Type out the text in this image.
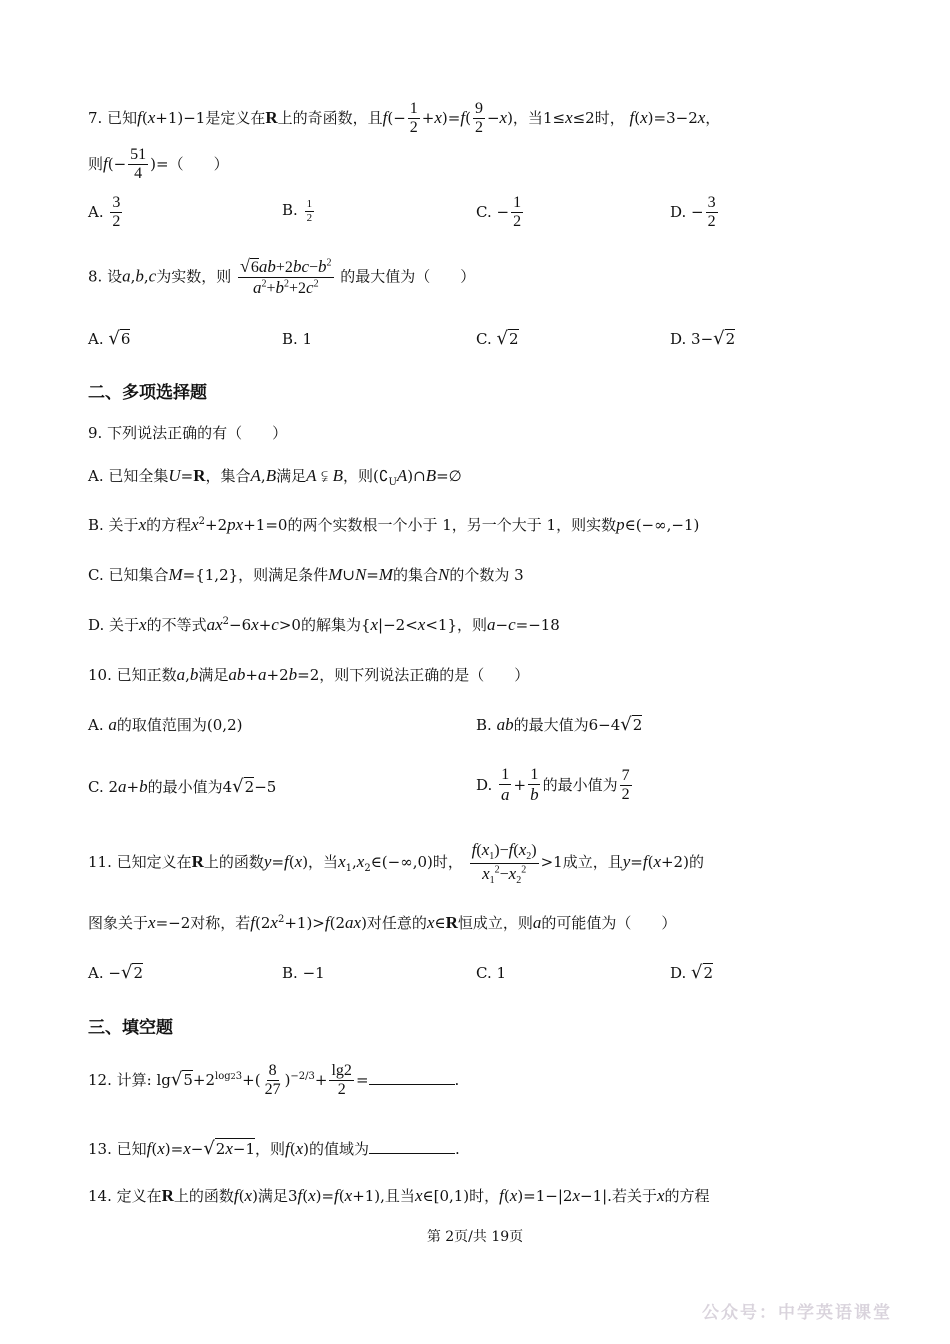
7. 已知f(x+1)−1是定义在R上的奇函数，且$f(- \frac{1}{2} +x)=f( \frac{9}{2} -x)$，当1≤x≤2时， f(x)=3−2x，
则$f(- \frac{51}{4}$ )=（　　）
A. $\frac{3}{2}$	B. $\frac{1}{2}$	C. − $\frac{1}{2}$	D. − $\frac{3}{2}$
8. 设a,b,c为实数，则 $\frac{√6ab+2bc-b^2}{a^2+b^2+2c^2}$ 的最大值为（　　）
A. √6	B. 1	C. √2	D. 3−√2
二、多项选择题
9. 下列说法正确的有（　　）
A. 已知全集U=R，集合A,B满足A ⫋ B，则$(∁_UA)\cap B=\emptyset$
B. 关于x的方程$x^2+2px+1=0$的两个实数根一个小于 1，另一个大于 1，则实数p∈(−∞,−1)
C. 已知集合M={1,2}，则满足条件M∪N=M的集合N的个数为 3
D. 关于x的不等式$ax^2-6x+c>0$的解集为{x|−2<x<1}，则a−c=−18
10. 已知正数a,b满足ab+a+2b=2，则下列说法正确的是（　　）
A. a的取值范围为(0,2)	B. ab的最大值为6−4√2
C. 2a+b的最小值为4√2−5	D. $\frac{1}{a} + \frac{1}{b}$ 的最小值为 $\frac{7}{2}$
11. 已知定义在R上的函数y=f(x)，当$x_1,x_2\in(-\infty,0)$时， $\frac{f(x_1)-f(x_2)}{x_1^2-x_2^2} >1$成立，且y=f(x+2)的
图象关于x=−2对称，若$f(2x^2+1)>f(2ax)$对任意的x∈R恒成立，则a的可能值为（　　）
A. −√2	B. −1	C. 1	D. √2
三、填空题
12. 计算: $\lg√5+2^{log23}+( \frac{8}{27} )^{-2/3}+ \frac{\lg 2}{2}$ =	.
13. 已知f(x)=x−√2x−1，则f(x)的值域为	.
14. 定义在R上的函数f(x)满足3f(x)=f(x+1),且当x∈[0,1)时，f(x)=1−|2x−1|.若关于x的方程
第 2页/共 19页
公众号：中学英语课堂
